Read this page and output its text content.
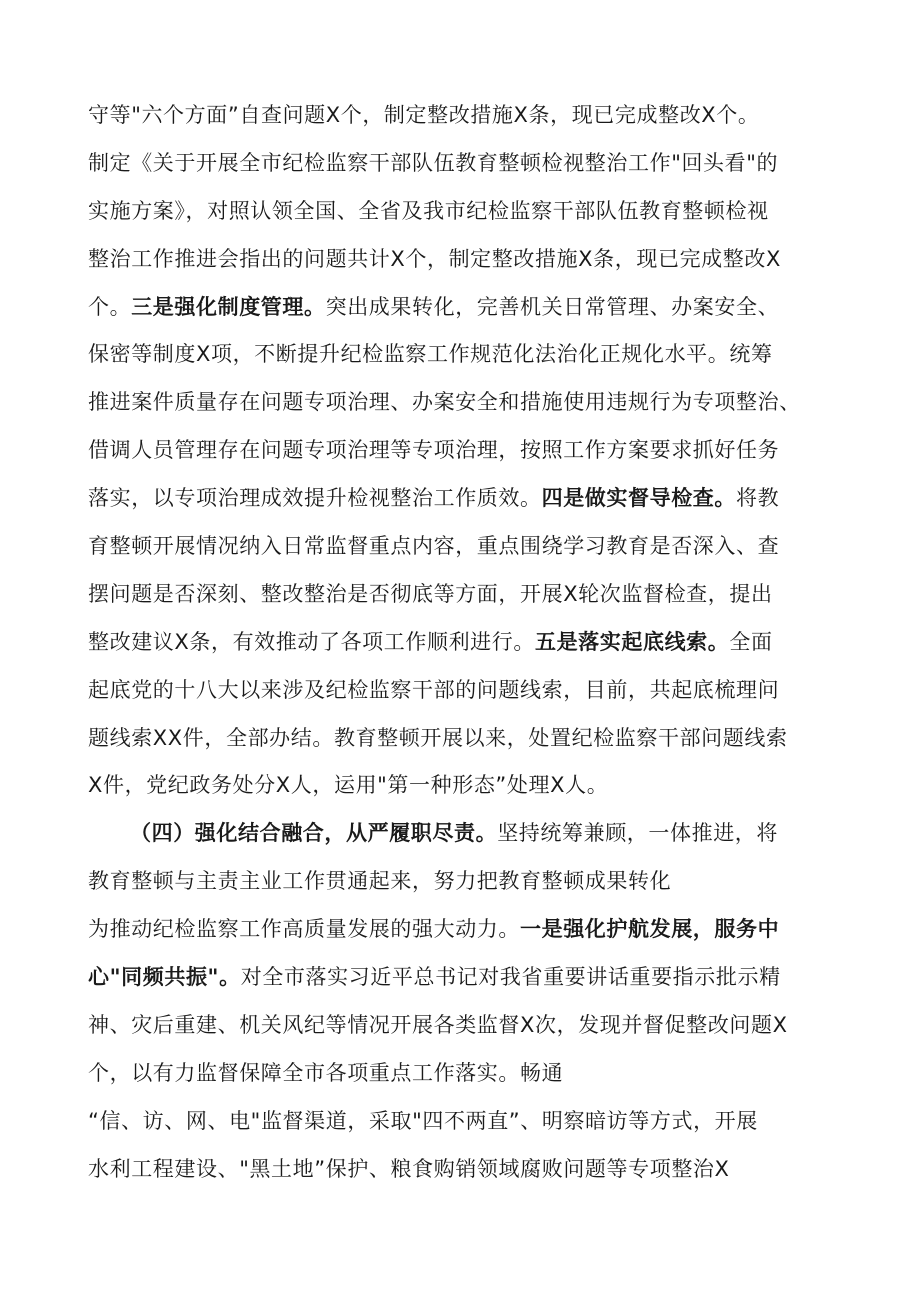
守等"六个方面”自查问题X个，制定整改措施X条，现已完成整改X个。
制定《关于开展全市纪检监察干部队伍教育整顿检视整治工作"回头看"的
实施方案》，对照认领全国、全省及我市纪检监察干部队伍教育整顿检视
整治工作推进会指出的问题共计X个，制定整改措施X条，现已完成整改X
个。三是强化制度管理。突出成果转化，完善机关日常管理、办案安全、
保密等制度X项，不断提升纪检监察工作规范化法治化正规化水平。统筹
推进案件质量存在问题专项治理、办案安全和措施使用违规行为专项整治、
借调人员管理存在问题专项治理等专项治理，按照工作方案要求抓好任务
落实，以专项治理成效提升检视整治工作质效。四是做实督导检查。将教
育整顿开展情况纳入日常监督重点内容，重点围绕学习教育是否深入、查
摆问题是否深刻、整改整治是否彻底等方面，开展X轮次监督检查，提出
整改建议X条，有效推动了各项工作顺利进行。五是落实起底线索。全面
起底党的十八大以来涉及纪检监察干部的问题线索，目前，共起底梳理问
题线索XX件，全部办结。教育整顿开展以来，处置纪检监察干部问题线索
X件，党纪政务处分X人，运用"第一种形态”处理X人。
（四）强化结合融合，从严履职尽责。坚持统筹兼顾，一体推进，将
教育整顿与主责主业工作贯通起来，努力把教育整顿成果转化
为推动纪检监察工作高质量发展的强大动力。一是强化护航发展，服务中
心"同频共振"。对全市落实习近平总书记对我省重要讲话重要指示批示精
神、灾后重建、机关风纪等情况开展各类监督X次，发现并督促整改问题X
个，以有力监督保障全市各项重点工作落实。畅通
“信、访、网、电"监督渠道，采取"四不两直”、明察暗访等方式，开展
水利工程建设、"黑土地”保护、粮食购销领域腐败问题等专项整治X
